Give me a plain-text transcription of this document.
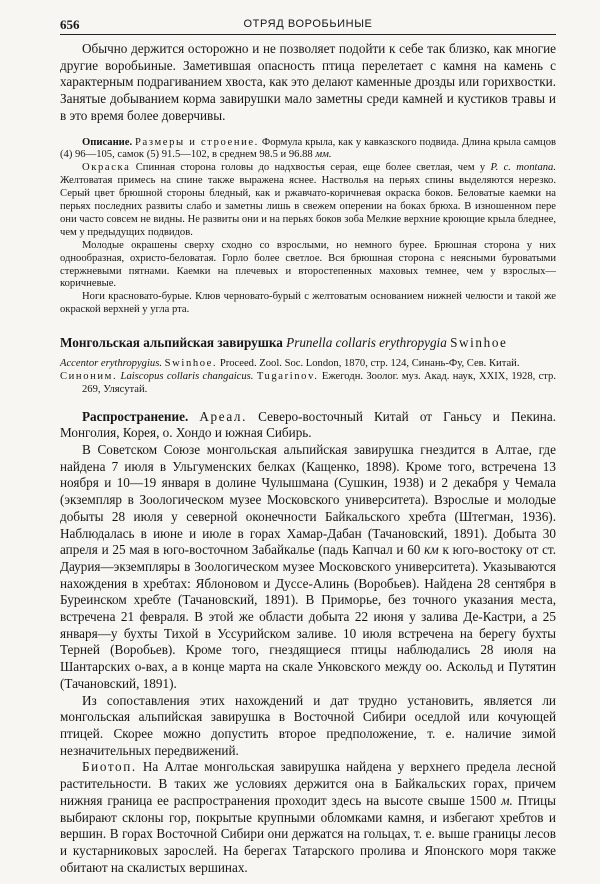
656	ОТРЯД ВОРОБЬИНЫЕ

Обычно держится осторожно и не позволяет подойти к себе так близко, как многие другие воробьиные. Заметившая опасность птица перелетает с камня на камень с характерным подрагиванием хвоста, как это делают каменные дрозды или горихвостки. Занятые добыванием корма завирушки мало заметны среди камней и кустиков травы и в это время более доверчивы.

Описание. Размеры и строение. Формула крыла, как у кавказского подвида. Длина крыла самцов (4) 96—105, самок (5) 91.5—102, в среднем 98.5 и 96.88 мм.

Окраска Спинная сторона головы до надхвостья серая, еще более светлая, чем у P. c. montana. Желтоватая примесь на спине также выражена яснее. Настволья на перьях спины выделяются нерезко. Серый цвет брюшной стороны бледный, как и ржавчато-коричневая окраска боков. Беловатые каемки на перьях последних развиты слабо и заметны лишь в свежем оперении на боках брюха. В изношенном пере они часто совсем не видны. Не развиты они и на перьях боков зоба Мелкие верхние кроющие крыла бледнее, чем у предыдущих подвидов.

Молодые окрашены сверху сходно со взрослыми, но немного буpee. Брюшная сторона у них однообразная, охристо-беловатая. Горло более светлое. Вся брюшная сторона с неясными буроватыми стержневыми пятнами. Каемки на плечевых и второстепенных маховых темнее, чем у взрослых—коричневые.

Ноги красновато-бурые. Клюв черновато-бурый с желтоватым основанием нижней челюсти и такой же окраской верхней у угла рта.

Монгольская альпийская завирушка Prunella collaris erythropygia Swinhoe

Accentor erythropygius. Swinhoe. Proceed. Zool. Soc. London, 1870, стр. 124, Синань-Фу, Сев. Китай.

Синоним. Laiscopus collaris changaicus. Tugarinov. Ежегодн. Зоолог. муз. Акад. наук, XXIX, 1928, стр. 269, Улясутай.

Распространение. Ареал. Северо-восточный Китай от Ганьсу и Пекина. Монголия, Корея, о. Хондо и южная Сибирь.

В Советском Союзе монгольская альпийская завирушка гнездится в Алтае, где найдена 7 июля в Ульгуменских белках (Кащенко, 1898). Кроме того, встречена 13 ноября и 10—19 января в долине Чулышмана (Сушкин, 1938) и 2 декабря у Чемала (экземпляр в Зоологическом музее Московского университета). Взрослые и молодые добыты 28 июля у северной оконечности Байкальского хребта (Штегман, 1936). Наблюдалась в июне и июле в горах Хамар-Дабан (Тачановский, 1891). Добыта 30 апреля и 25 мая в юго-восточном Забайкалье (падь Капчал и 60 км к юго-востоку от ст. Даурия—экземпляры в Зоологическом музее Московского университета). Указываются нахождения в хребтах: Яблоновом и Дуссе-Алинь (Воробьев). Найдена 28 сентября в Буреинском хребте (Тачановский, 1891). В Приморье, без точного указания места, встречена 21 февраля. В этой же области добыта 22 июня у залива Де-Кастри, а 25 января—у бухты Тихой в Уссурийском заливе. 10 июля встречена на берегу бухты Терней (Воробьев). Кроме того, гнездящиеся птицы наблюдались 28 июля на Шантарских о-вах, а в конце марта на скале Унковского между оо. Аскольд и Путятин (Тачановский, 1891).

Из сопоставления этих нахождений и дат трудно установить, является ли монгольская альпийская завирушка в Восточной Сибири оседлой или кочующей птицей. Скорее можно допустить второе предположение, т. е. наличие зимой незначительных передвижений.

Биотоп. На Алтае монгольская завирушка найдена у верхнего предела лесной растительности. В таких же условиях держится она в Байкальских горах, причем нижняя граница ее распространения проходит здесь на высоте свыше 1500 м. Птицы выбирают склоны гор, покрытые крупными обломками камня, и избегают хребтов и вершин. В горах Восточной Сибири они держатся на гольцах, т. е. выше границы лесов и кустарниковых зарослей. На берегах Татарского пролива и Японского моря также обитают на скалистых вершинах.
